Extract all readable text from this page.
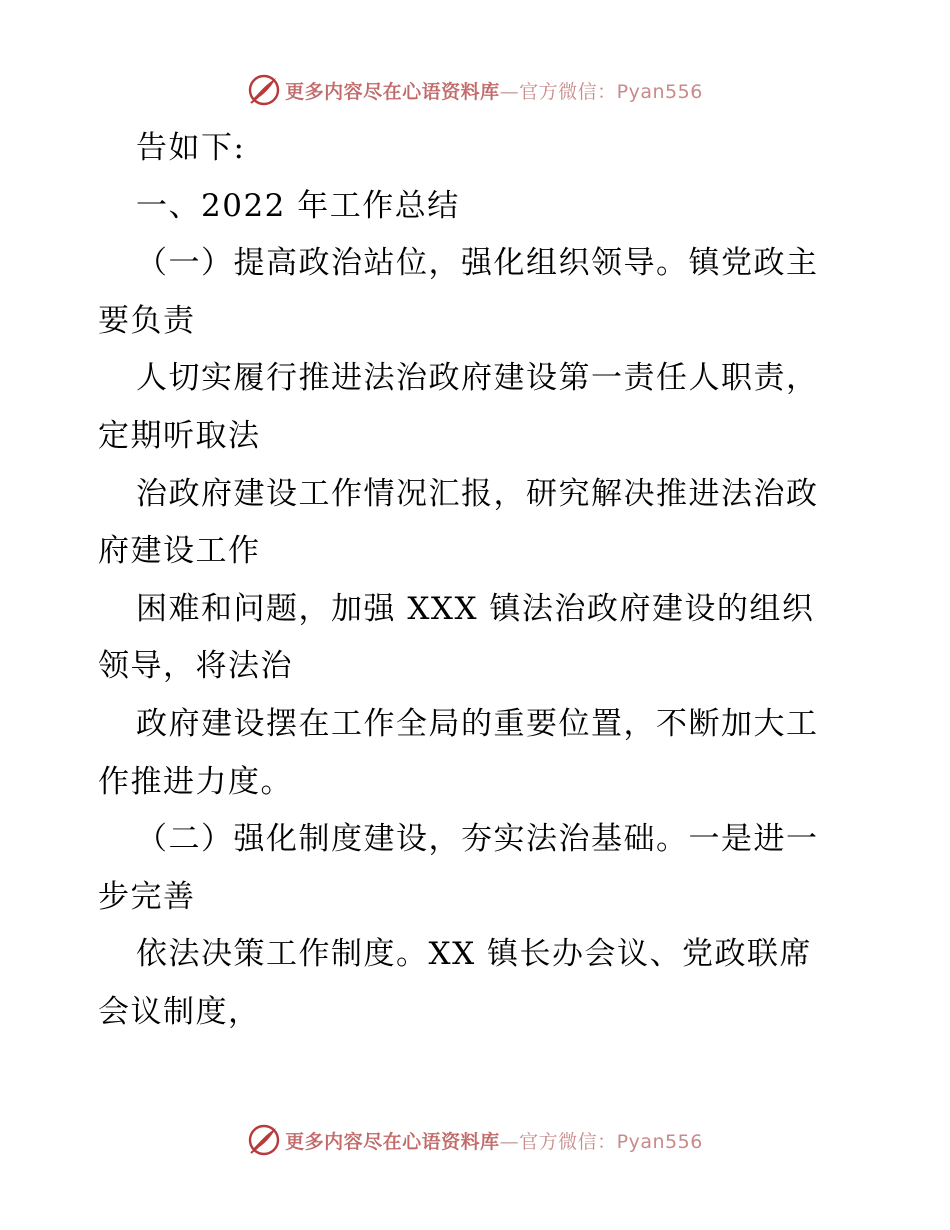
更多内容尽在心语资料库—官方微信：Pyan556
告如下:
一、2022 年工作总结
（一）提高政治站位，强化组织领导。镇党政主
要负责
人切实履行推进法治政府建设第一责任人职责，
定期听取法
治政府建设工作情况汇报，研究解决推进法治政
府建设工作
困难和问题，加强 XXX 镇法治政府建设的组织
领导，将法治
政府建设摆在工作全局的重要位置，不断加大工
作推进力度。
（二）强化制度建设，夯实法治基础。一是进一
步完善
依法决策工作制度。XX 镇长办会议、党政联席
会议制度，
更多内容尽在心语资料库—官方微信：Pyan556
